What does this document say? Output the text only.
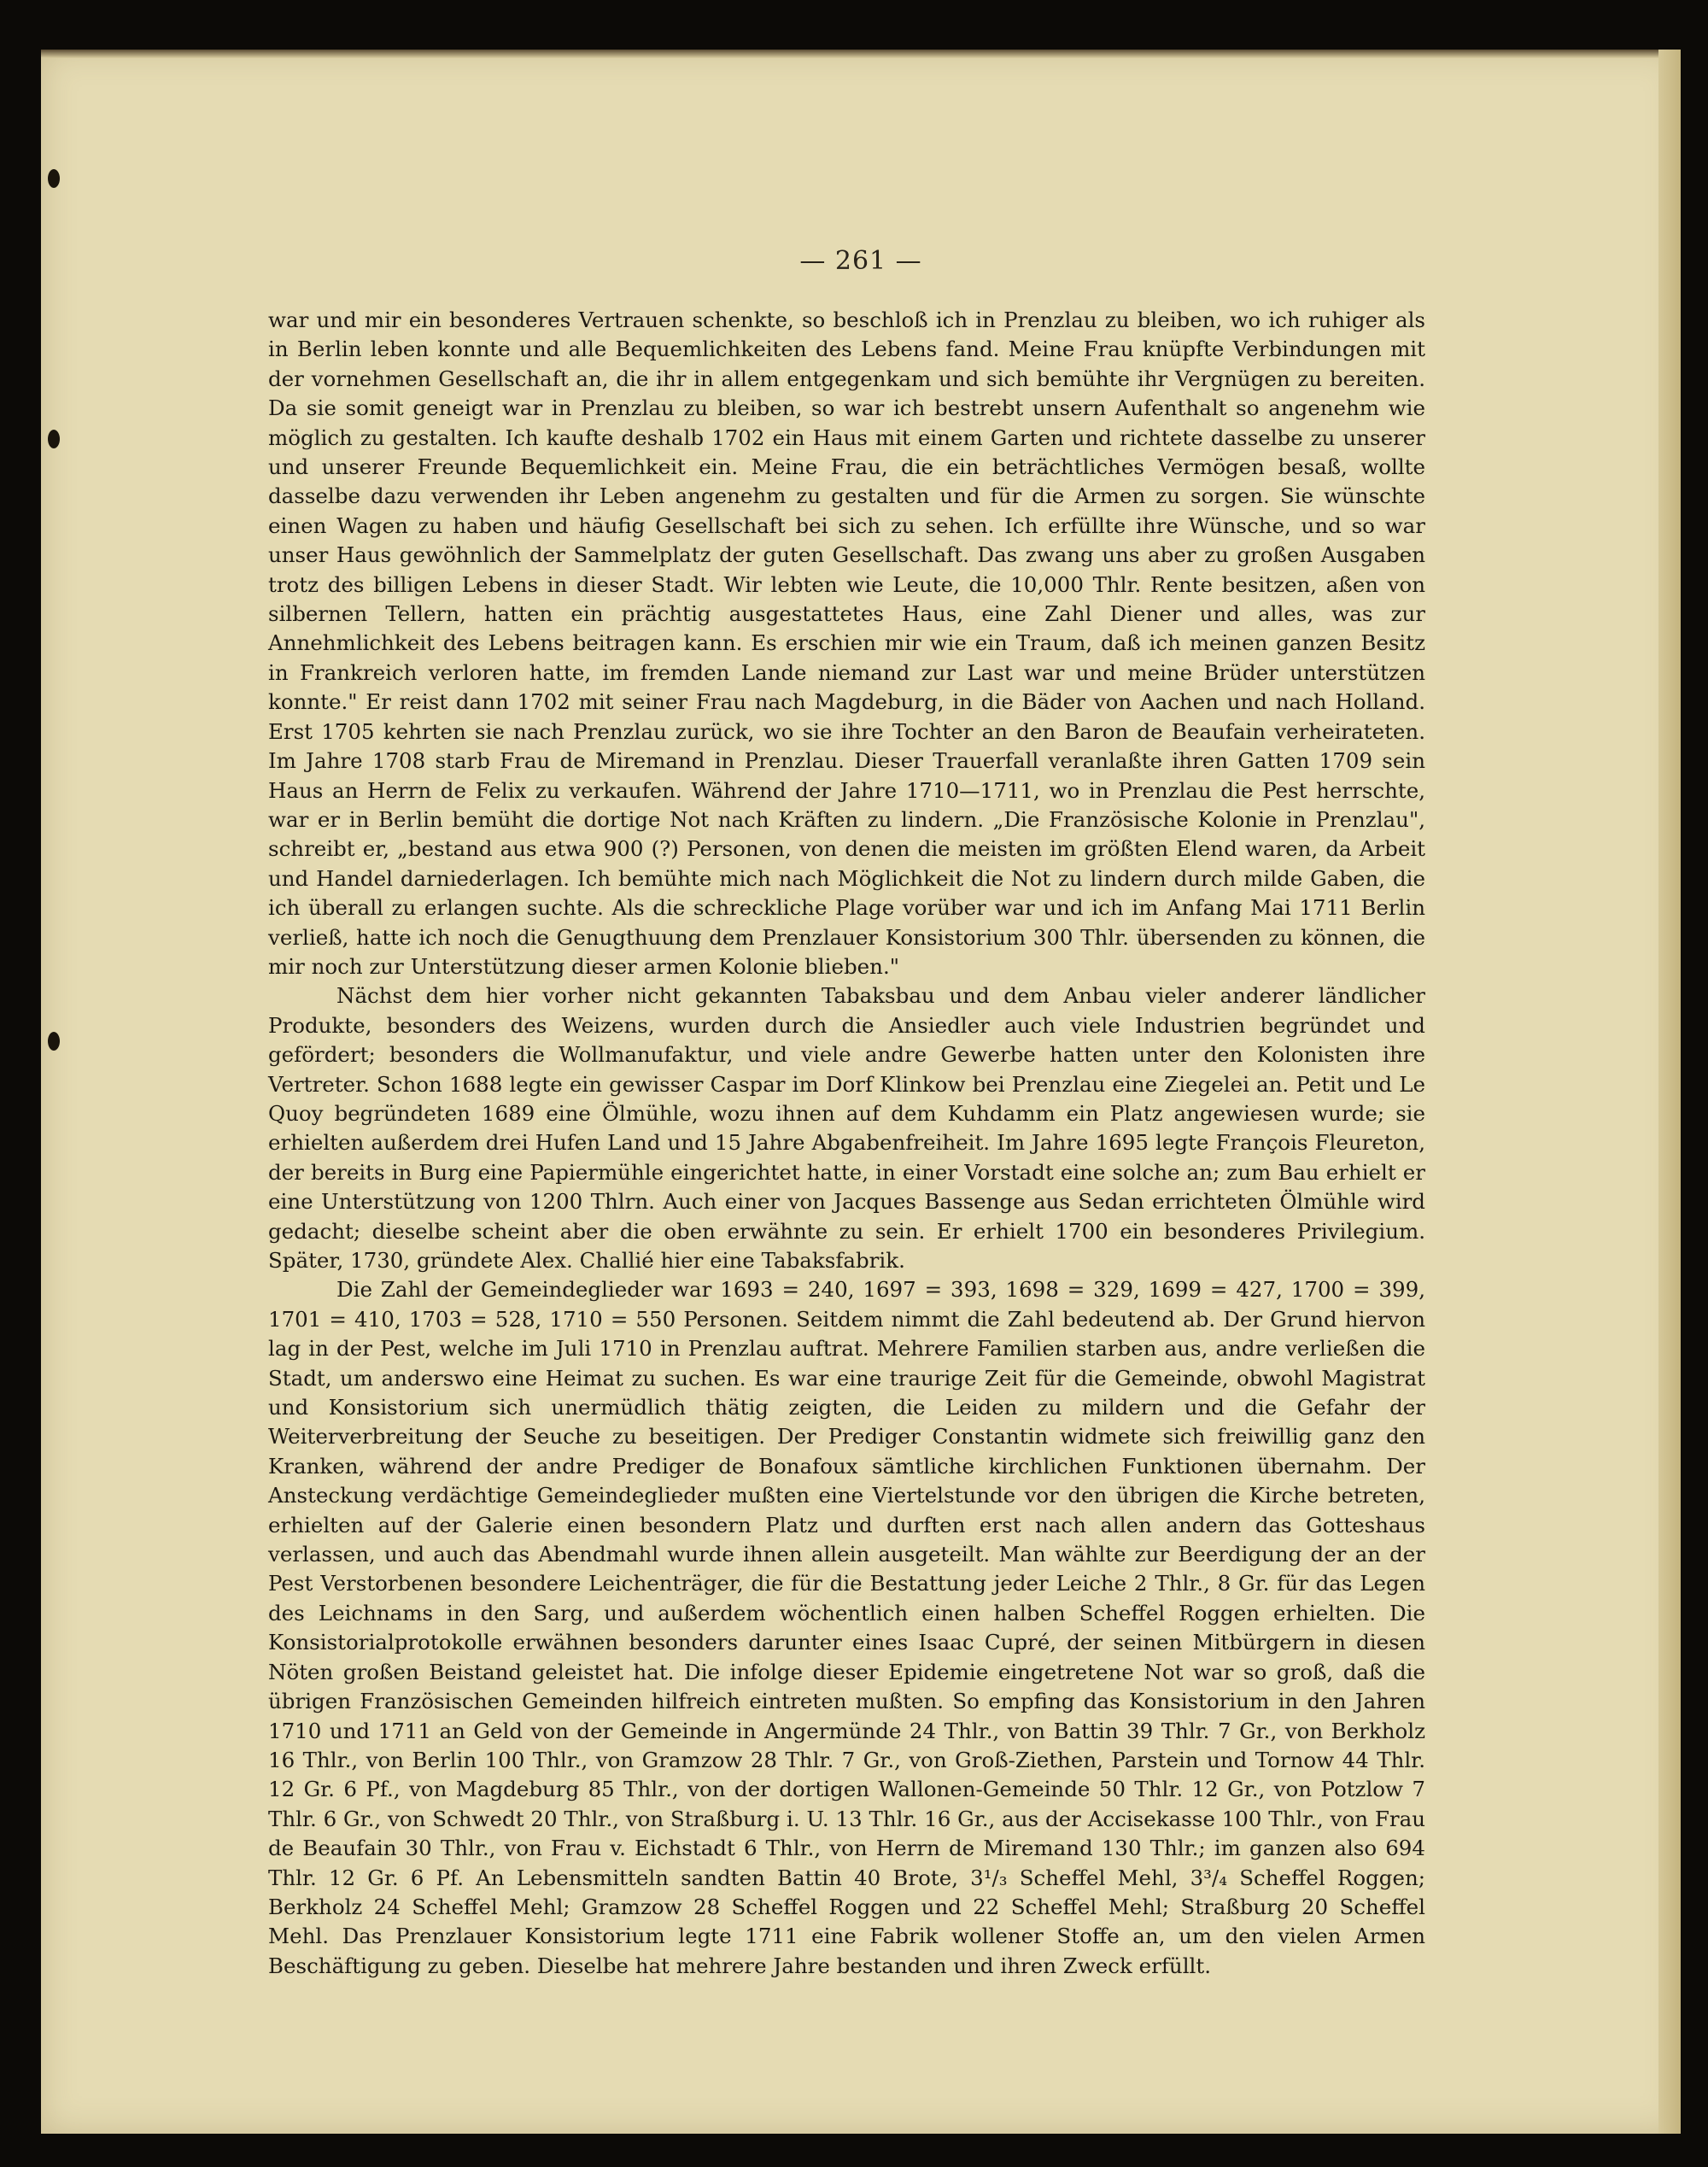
— 261 —

war und mir ein besonderes Vertrauen schenkte, so beschloß ich in Prenzlau zu bleiben, wo ich ruhiger als in Berlin leben konnte und alle Bequemlichkeiten des Lebens fand. Meine Frau knüpfte Verbindungen mit der vornehmen Gesellschaft an, die ihr in allem entgegenkam und sich bemühte ihr Vergnügen zu bereiten. Da sie somit geneigt war in Prenzlau zu bleiben, so war ich bestrebt unsern Aufenthalt so angenehm wie möglich zu gestalten. Ich kaufte deshalb 1702 ein Haus mit einem Garten und richtete dasselbe zu unserer und unserer Freunde Bequemlichkeit ein. Meine Frau, die ein beträchtliches Vermögen besaß, wollte dasselbe dazu verwenden ihr Leben angenehm zu gestalten und für die Armen zu sorgen. Sie wünschte einen Wagen zu haben und häufig Gesellschaft bei sich zu sehen. Ich erfüllte ihre Wünsche, und so war unser Haus gewöhnlich der Sammelplatz der guten Gesellschaft. Das zwang uns aber zu großen Ausgaben trotz des billigen Lebens in dieser Stadt. Wir lebten wie Leute, die 10,000 Thlr. Rente besitzen, aßen von silbernen Tellern, hatten ein prächtig ausgestattetes Haus, eine Zahl Diener und alles, was zur Annehmlichkeit des Lebens beitragen kann. Es erschien mir wie ein Traum, daß ich meinen ganzen Besitz in Frankreich verloren hatte, im fremden Lande niemand zur Last war und meine Brüder unterstützen konnte." Er reist dann 1702 mit seiner Frau nach Magdeburg, in die Bäder von Aachen und nach Holland. Erst 1705 kehrten sie nach Prenzlau zurück, wo sie ihre Tochter an den Baron de Beaufain verheirateten. Im Jahre 1708 starb Frau de Miremand in Prenzlau. Dieser Trauerfall veranlaßte ihren Gatten 1709 sein Haus an Herrn de Felix zu verkaufen. Während der Jahre 1710—1711, wo in Prenzlau die Pest herrschte, war er in Berlin bemüht die dortige Not nach Kräften zu lindern. „Die Französische Kolonie in Prenzlau", schreibt er, „bestand aus etwa 900 (?) Personen, von denen die meisten im größten Elend waren, da Arbeit und Handel darniederlagen. Ich bemühte mich nach Möglichkeit die Not zu lindern durch milde Gaben, die ich überall zu erlangen suchte. Als die schreckliche Plage vorüber war und ich im Anfang Mai 1711 Berlin verließ, hatte ich noch die Genugthuung dem Prenzlauer Konsistorium 300 Thlr. übersenden zu können, die mir noch zur Unterstützung dieser armen Kolonie blieben."

Nächst dem hier vorher nicht gekannten Tabaksbau und dem Anbau vieler anderer ländlicher Produkte, besonders des Weizens, wurden durch die Ansiedler auch viele Industrien begründet und gefördert; besonders die Wollmanufaktur, und viele andre Gewerbe hatten unter den Kolonisten ihre Vertreter. Schon 1688 legte ein gewisser Caspar im Dorf Klinkow bei Prenzlau eine Ziegelei an. Petit und Le Quoy begründeten 1689 eine Ölmühle, wozu ihnen auf dem Kuhdamm ein Platz angewiesen wurde; sie erhielten außerdem drei Hufen Land und 15 Jahre Abgabenfreiheit. Im Jahre 1695 legte François Fleureton, der bereits in Burg eine Papiermühle eingerichtet hatte, in einer Vorstadt eine solche an; zum Bau erhielt er eine Unterstützung von 1200 Thlrn. Auch einer von Jacques Bassenge aus Sedan errichteten Ölmühle wird gedacht; dieselbe scheint aber die oben erwähnte zu sein. Er erhielt 1700 ein besonderes Privilegium. Später, 1730, gründete Alex. Challié hier eine Tabaksfabrik.

Die Zahl der Gemeindeglieder war 1693 = 240, 1697 = 393, 1698 = 329, 1699 = 427, 1700 = 399, 1701 = 410, 1703 = 528, 1710 = 550 Personen. Seitdem nimmt die Zahl bedeutend ab. Der Grund hiervon lag in der Pest, welche im Juli 1710 in Prenzlau auftrat. Mehrere Familien starben aus, andre verließen die Stadt, um anderswo eine Heimat zu suchen. Es war eine traurige Zeit für die Gemeinde, obwohl Magistrat und Konsistorium sich unermüdlich thätig zeigten, die Leiden zu mildern und die Gefahr der Weiterverbreitung der Seuche zu beseitigen. Der Prediger Constantin widmete sich freiwillig ganz den Kranken, während der andre Prediger de Bonafoux sämtliche kirchlichen Funktionen übernahm. Der Ansteckung verdächtige Gemeindeglieder mußten eine Viertelstunde vor den übrigen die Kirche betreten, erhielten auf der Galerie einen besondern Platz und durften erst nach allen andern das Gotteshaus verlassen, und auch das Abendmahl wurde ihnen allein ausgeteilt. Man wählte zur Beerdigung der an der Pest Verstorbenen besondere Leichenträger, die für die Bestattung jeder Leiche 2 Thlr., 8 Gr. für das Legen des Leichnams in den Sarg, und außerdem wöchentlich einen halben Scheffel Roggen erhielten. Die Konsistorialprotokolle erwähnen besonders darunter eines Isaac Cupré, der seinen Mitbürgern in diesen Nöten großen Beistand geleistet hat. Die infolge dieser Epidemie eingetretene Not war so groß, daß die übrigen Französischen Gemeinden hilfreich eintreten mußten. So empfing das Konsistorium in den Jahren 1710 und 1711 an Geld von der Gemeinde in Angermünde 24 Thlr., von Battin 39 Thlr. 7 Gr., von Berkholz 16 Thlr., von Berlin 100 Thlr., von Gramzow 28 Thlr. 7 Gr., von Groß-Ziethen, Parstein und Tornow 44 Thlr. 12 Gr. 6 Pf., von Magdeburg 85 Thlr., von der dortigen Wallonen-Gemeinde 50 Thlr. 12 Gr., von Potzlow 7 Thlr. 6 Gr., von Schwedt 20 Thlr., von Straßburg i. U. 13 Thlr. 16 Gr., aus der Accisekasse 100 Thlr., von Frau de Beaufain 30 Thlr., von Frau v. Eichstadt 6 Thlr., von Herrn de Miremand 130 Thlr.; im ganzen also 694 Thlr. 12 Gr. 6 Pf. An Lebensmitteln sandten Battin 40 Brote, 3¹/₃ Scheffel Mehl, 3³/₄ Scheffel Roggen; Berkholz 24 Scheffel Mehl; Gramzow 28 Scheffel Roggen und 22 Scheffel Mehl; Straßburg 20 Scheffel Mehl. Das Prenzlauer Konsistorium legte 1711 eine Fabrik wollener Stoffe an, um den vielen Armen Beschäftigung zu geben. Dieselbe hat mehrere Jahre bestanden und ihren Zweck erfüllt.
